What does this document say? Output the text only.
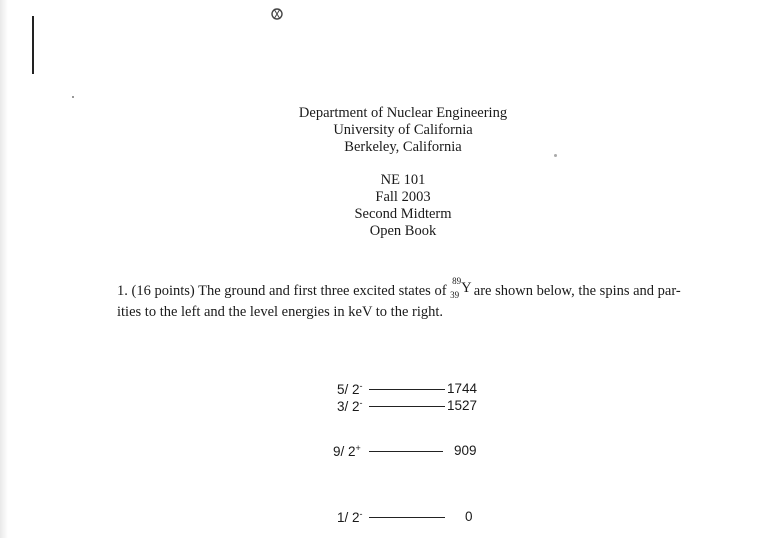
Department of Nuclear Engineering
University of California
Berkeley, California
NE 101
Fall 2003
Second Midterm
Open Book
1. (16 points) The ground and first three excited states of
89
39 Y
are shown below, the spins and par-
ities to the left and the level energies in keV to the right.
5/ 2-	1744
3/ 2-	1527
9/ 2+	909
1/ 2-	0
